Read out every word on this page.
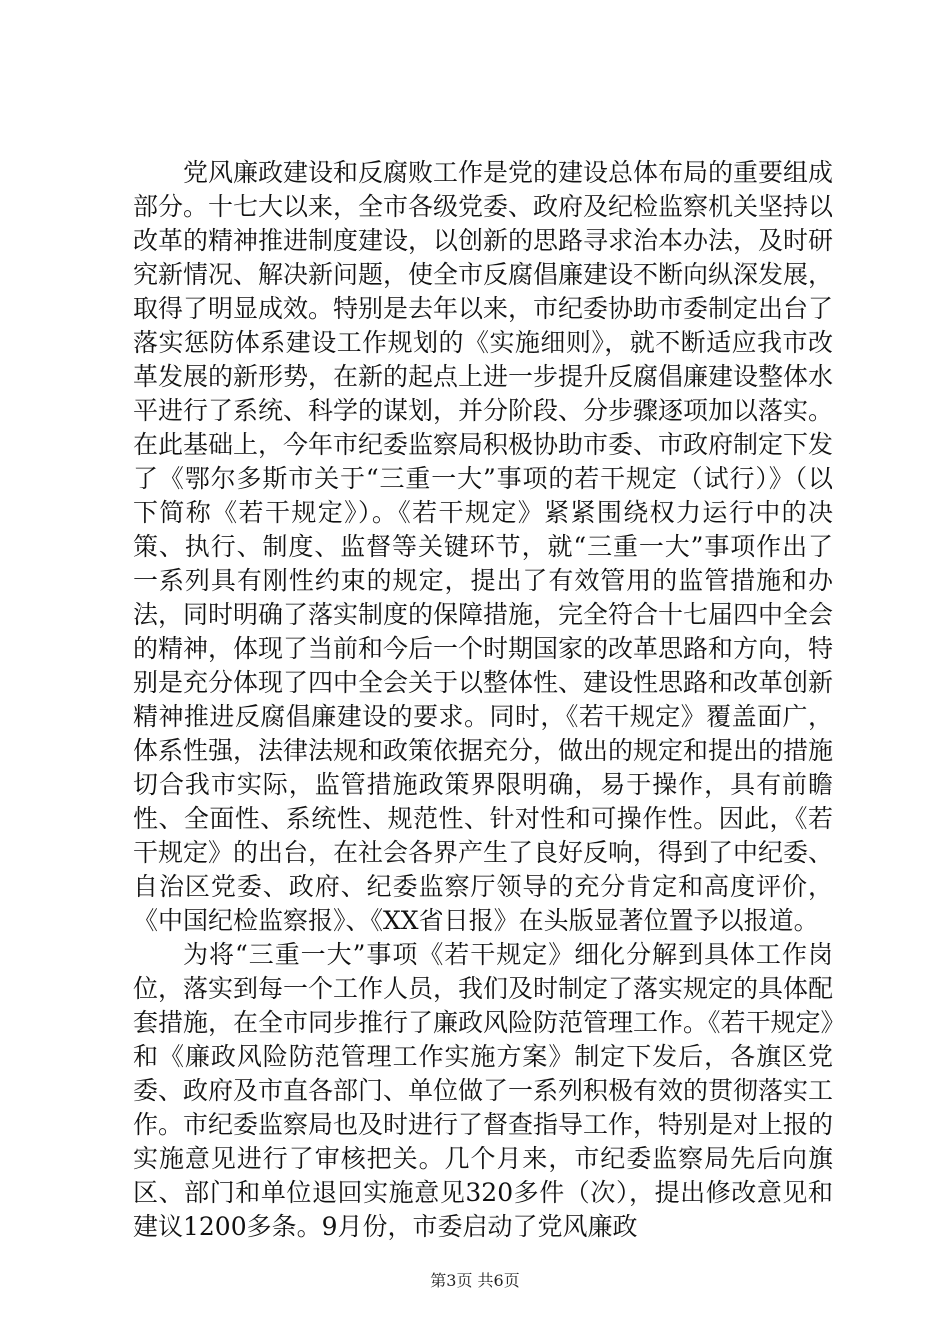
党风廉政建设和反腐败工作是党的建设总体布局的重要组成部分。十七大以来，全市各级党委、政府及纪检监察机关坚持以改革的精神推进制度建设，以创新的思路寻求治本办法，及时研究新情况、解决新问题，使全市反腐倡廉建设不断向纵深发展，取得了明显成效。特别是去年以来，市纪委协助市委制定出台了落实惩防体系建设工作规划的《实施细则》，就不断适应我市改革发展的新形势，在新的起点上进一步提升反腐倡廉建设整体水平进行了系统、科学的谋划，并分阶段、分步骤逐项加以落实。在此基础上，今年市纪委监察局积极协助市委、市政府制定下发了《鄂尔多斯市关于“三重一大”事项的若干规定（试行）》（以下简称《若干规定》）。《若干规定》紧紧围绕权力运行中的决策、执行、制度、监督等关键环节，就“三重一大”事项作出了一系列具有刚性约束的规定，提出了有效管用的监管措施和办法，同时明确了落实制度的保障措施，完全符合十七届四中全会的精神，体现了当前和今后一个时期国家的改革思路和方向，特别是充分体现了四中全会关于以整体性、建设性思路和改革创新精神推进反腐倡廉建设的要求。同时，《若干规定》覆盖面广，体系性强，法律法规和政策依据充分，做出的规定和提出的措施切合我市实际，监管措施政策界限明确，易于操作，具有前瞻性、全面性、系统性、规范性、针对性和可操作性。因此，《若干规定》的出台，在社会各界产生了良好反响，得到了中纪委、自治区党委、政府、纪委监察厅领导的充分肯定和高度评价，《中国纪检监察报》、《XX省日报》在头版显著位置予以报道。

为将“三重一大”事项《若干规定》细化分解到具体工作岗位，落实到每一个工作人员，我们及时制定了落实规定的具体配套措施，在全市同步推行了廉政风险防范管理工作。《若干规定》和《廉政风险防范管理工作实施方案》制定下发后，各旗区党委、政府及市直各部门、单位做了一系列积极有效的贯彻落实工作。市纪委监察局也及时进行了督查指导工作，特别是对上报的实施意见进行了审核把关。几个月来，市纪委监察局先后向旗区、部门和单位退回实施意见320多件（次），提出修改意见和建议1200多条。9月份，市委启动了党风廉政

第3页 共6页
